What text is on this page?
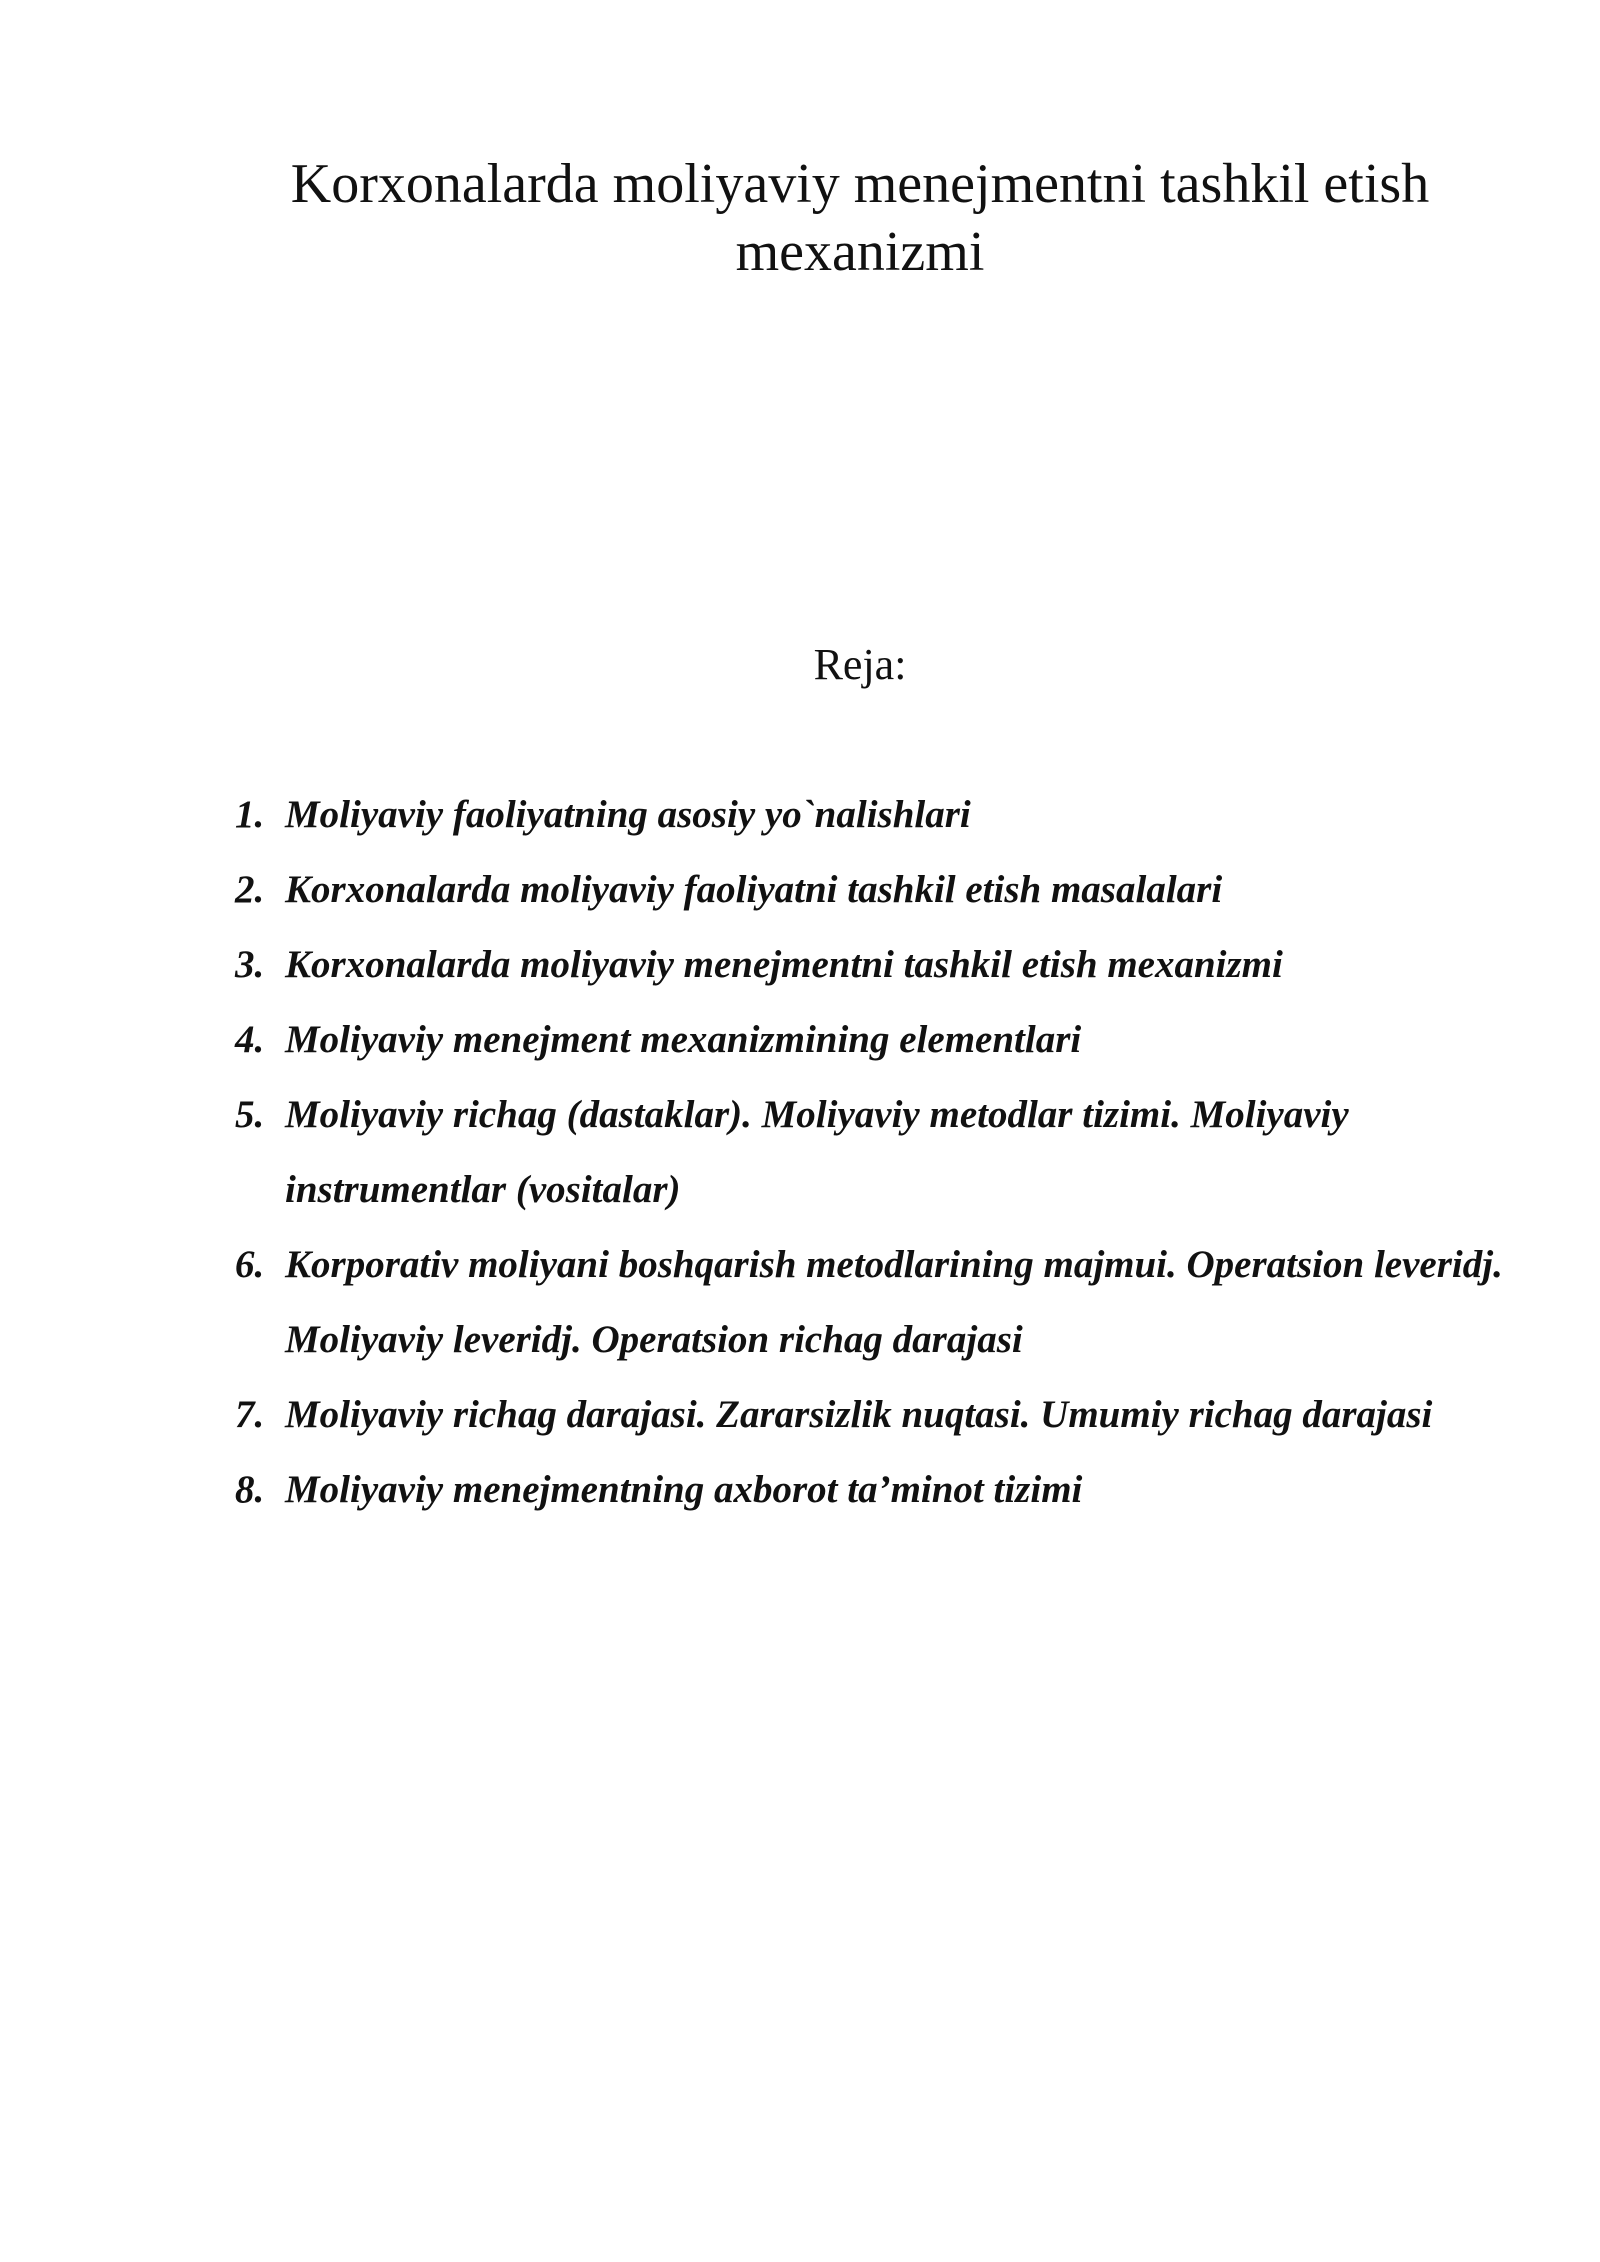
Korxonalarda moliyaviy menejmentni tashkil etish mexanizmi

Reja:

1. Moliyaviy faoliyatning asosiy yo`nalishlari
2. Korxonalarda moliyaviy faoliyatni tashkil etish masalalari
3. Korxonalarda moliyaviy menejmentni tashkil etish mexanizmi
4. Moliyaviy menejment mexanizmining elementlari
5. Moliyaviy richag (dastaklar). Moliyaviy metodlar tizimi. Moliyaviy instrumentlar (vositalar)
6. Korporativ moliyani boshqarish metodlarining majmui. Operatsion leveridj. Moliyaviy leveridj. Operatsion richag darajasi
7. Moliyaviy richag darajasi. Zararsizlik nuqtasi. Umumiy richag darajasi
8. Moliyaviy menejmentning axborot ta’minot tizimi
